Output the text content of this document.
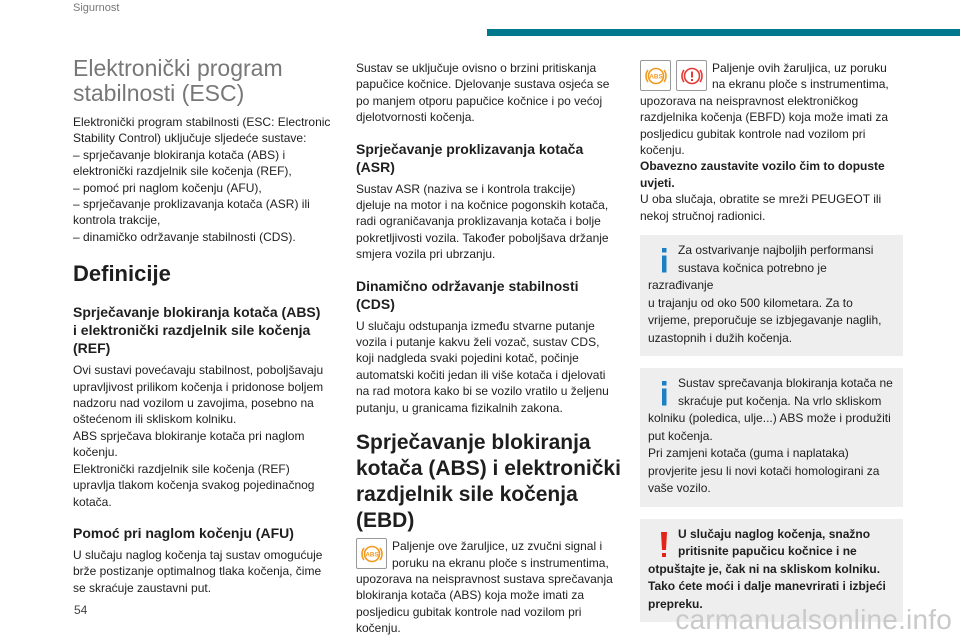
Sigurnost
Elektronički program
stabilnosti (ESC)

Elektronički program stabilnosti (ESC: Electronic
Stability Control) uključuje sljedeće sustave:
– sprječavanje blokiranja kotača (ABS) i
elektronički razdjelnik sile kočenja (REF),
– pomoć pri naglom kočenju (AFU),
– sprječavanje proklizavanja kotača (ASR) ili
kontrola trakcije,
– dinamičko održavanje stabilnosti (CDS).

Definicije
Sprječavanje blokiranja kotača (ABS)
i elektronički razdjelnik sile kočenja
(REF)

Ovi sustavi povećavaju stabilnost, poboljšavaju
upravljivost prilikom kočenja i pridonose boljem
nadzoru nad vozilom u zavojima, posebno na
oštećenom ili skliskom kolniku.
ABS sprječava blokiranje kotača pri naglom
kočenju.
Elektronički razdjelnik sile kočenja (REF)
upravlja tlakom kočenja svakog pojedinačnog
kotača.

Pomoć pri naglom kočenju (AFU)

U slučaju naglog kočenja taj sustav omogućuje
brže postizanje optimalnog tlaka kočenja, čime
se skraćuje zaustavni put.

Sustav se uključuje ovisno o brzini pritiskanja
papučice kočnice. Djelovanje sustava osjeća se
po manjem otporu papučice kočnice i po većoj
djelotvornosti kočenja.

Sprječavanje proklizavanja kotača
(ASR)

Sustav ASR (naziva se i kontrola trakcije)
djeluje na motor i na kočnice pogonskih kotača,
radi ograničavanja proklizavanja kotača i bolje
pokretljivosti vozila. Također poboljšava držanje
smjera vozila pri ubrzanju.

Dinamično održavanje stabilnosti
(CDS)

U slučaju odstupanja između stvarne putanje
vozila i putanje kakvu želi vozač, sustav CDS,
koji nadgleda svaki pojedini kotač, počinje
automatski kočiti jedan ili više kotača i djelovati
na rad motora kako bi se vozilo vratilo u željenu
putanju, u granicama fizikalnih zakona.

Sprječavanje blokiranja
kotača (ABS) i elektronički
razdjelnik sile kočenja (EBD)
ABS
Paljenje ove žaruljice, uz zvučni signal i
poruku na ekranu ploče s instrumentima,

upozorava na neispravnost sustava sprečavanja
blokiranja kotača (ABS) koja može imati za
posljedicu gubitak kontrole nad vozilom pri
kočenju.

ABS
Paljenje ovih žaruljica, uz poruku
na ekranu ploče s instrumentima,

upozorava na neispravnost elektroničkog
razdjelnika kočenja (EBFD) koja može imati za
posljedicu gubitak kontrole nad vozilom pri
kočenju.
Obavezno zaustavite vozilo čim to dopuste
uvjeti.
U oba slučaja, obratite se mreži PEUGEOT ili
nekoj stručnoj radionici.

Za ostvarivanje najboljih performansi
sustava kočnica potrebno je razrađivanje
u trajanju od oko 500 kilometara. Za to
vrijeme, preporučuje se izbjegavanje naglih,
uzastopnih i dužih kočenja.

Sustav sprečavanja blokiranja kotača ne
skraćuje put kočenja. Na vrlo skliskom
kolniku (poledica, ulje...) ABS može i produžiti
put kočenja.
Pri zamjeni kotača (guma i naplataka)
provjerite jesu li novi kotači homologirani za
vaše vozilo.

U slučaju naglog kočenja, snažno
pritisnite papučicu kočnice i ne
otpuštajte je, čak ni na skliskom kolniku.
Tako ćete moći i dalje manevrirati i izbjeći
prepreku.

54	carmanualsonline.info
